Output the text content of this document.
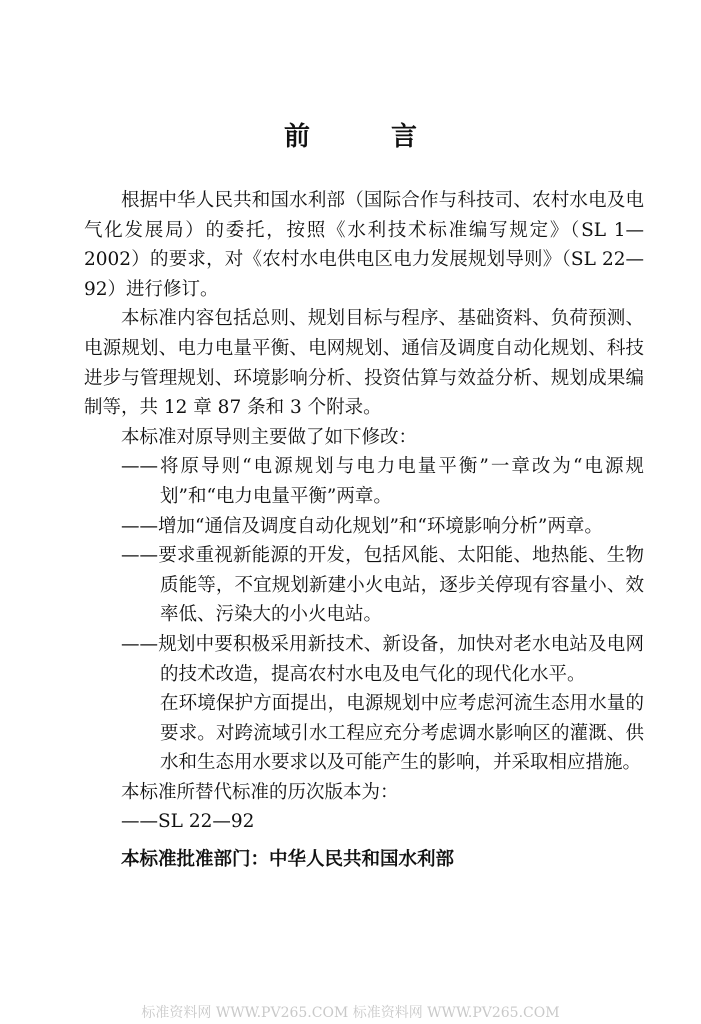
前 言

根据中华人民共和国水利部（国际合作与科技司、农村水电及电气化发展局）的委托，按照《水利技术标准编写规定》（SL 1—2002）的要求，对《农村水电供电区电力发展规划导则》（SL 22—92）进行修订。

本标准内容包括总则、规划目标与程序、基础资料、负荷预测、电源规划、电力电量平衡、电网规划、通信及调度自动化规划、科技进步与管理规划、环境影响分析、投资估算与效益分析、规划成果编制等，共 12 章 87 条和 3 个附录。

本标准对原导则主要做了如下修改：

——将原导则“电源规划与电力电量平衡”一章改为“电源规划”和“电力电量平衡”两章。

——增加“通信及调度自动化规划”和“环境影响分析”两章。

——要求重视新能源的开发，包括风能、太阳能、地热能、生物质能等，不宜规划新建小火电站，逐步关停现有容量小、效率低、污染大的小火电站。

——规划中要积极采用新技术、新设备，加快对老水电站及电网的技术改造，提高农村水电及电气化的现代化水平。

在环境保护方面提出，电源规划中应考虑河流生态用水量的要求。对跨流域引水工程应充分考虑调水影响区的灌溉、供水和生态用水要求以及可能产生的影响，并采取相应措施。

本标准所替代标准的历次版本为：

——SL 22—92

本标准批准部门：中华人民共和国水利部

标准资料网 WWW.PV265.COM 标准资料网 WWW.PV265.COM
